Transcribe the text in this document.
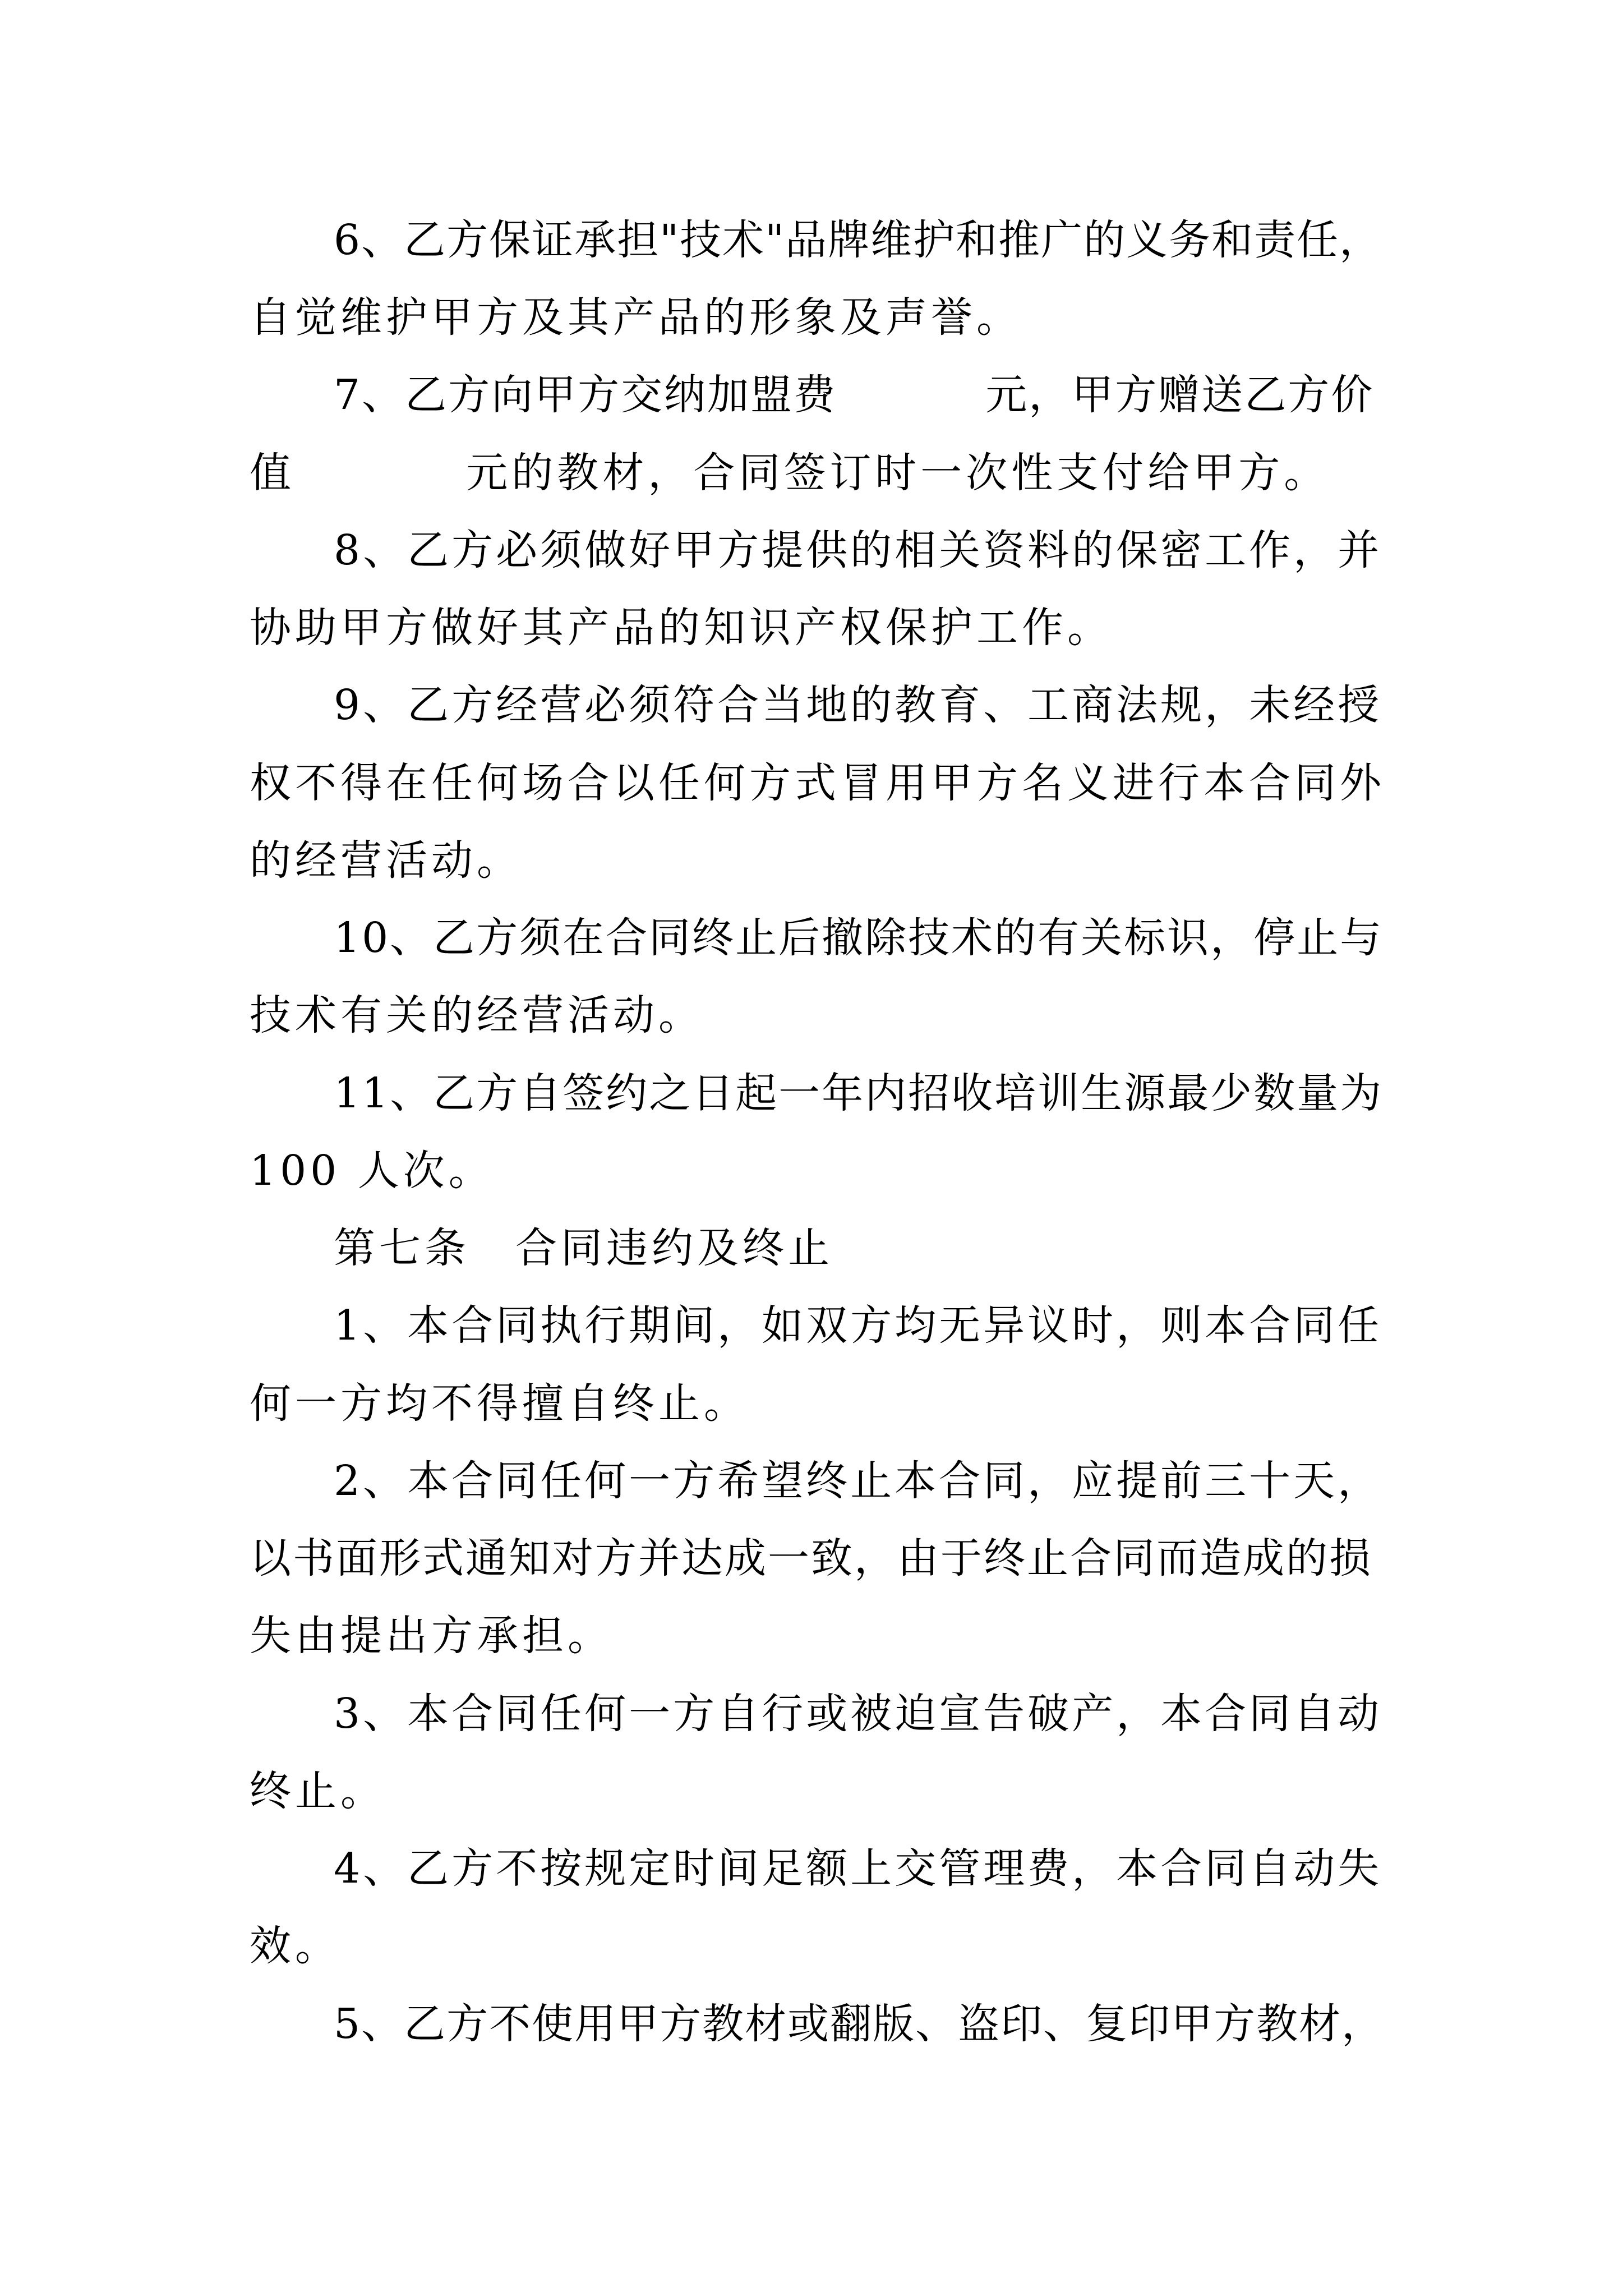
6、乙方保证承担"技术"品牌维护和推广的义务和责任，
自觉维护甲方及其产品的形象及声誉。
7、乙方向甲方交纳加盟费          元，甲方赠送乙方价
值          元的教材，合同签订时一次性支付给甲方。
8、乙方必须做好甲方提供的相关资料的保密工作，并
协助甲方做好其产品的知识产权保护工作。
9、乙方经营必须符合当地的教育、工商法规，未经授
权不得在任何场合以任何方式冒用甲方名义进行本合同外
的经营活动。
10、乙方须在合同终止后撤除技术的有关标识，停止与
技术有关的经营活动。
11、乙方自签约之日起一年内招收培训生源最少数量为
100 人次。
第七条　合同违约及终止
1、本合同执行期间，如双方均无异议时，则本合同任
何一方均不得擅自终止。
2、本合同任何一方希望终止本合同，应提前三十天，
以书面形式通知对方并达成一致，由于终止合同而造成的损
失由提出方承担。
3、本合同任何一方自行或被迫宣告破产，本合同自动
终止。
4、乙方不按规定时间足额上交管理费，本合同自动失
效。
5、乙方不使用甲方教材或翻版、盗印、复印甲方教材，
